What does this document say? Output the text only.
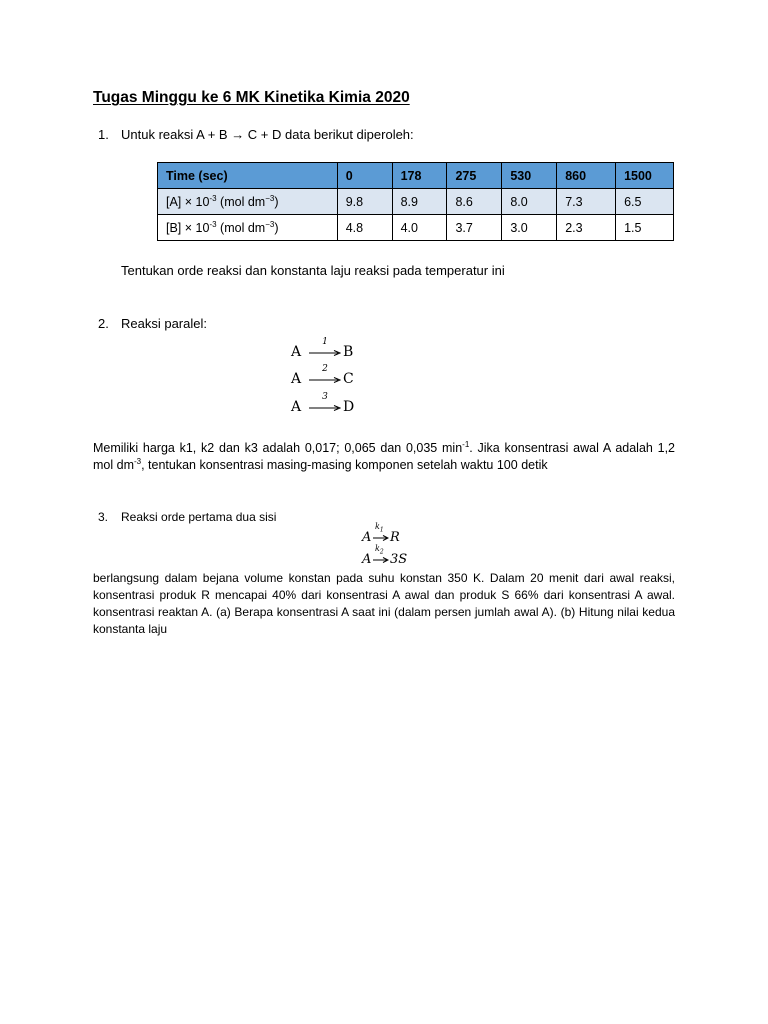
Tugas Minggu ke 6 MK Kinetika Kimia 2020
1. Untuk reaksi A + B → C + D data berikut diperoleh:
Time (sec)	0	178	275	530	860	1500
$[A] \times 10^{-3}$ (mol $dm^{-3}$)	9.8	8.9	8.6	8.0	7.3	6.5
$[B] \times 10^{-3}$ (mol $dm^{-3}$)	4.8	4.0	3.7	3.0	2.3	1.5
Tentukan orde reaksi dan konstanta laju reaksi pada temperatur ini
2. Reaksi paralel:
A
1
B
A
2
C
A
3
D
Memiliki harga k1, k2 dan k3 adalah 0,017; 0,065 dan 0,035 $\min^{-1}$. Jika konsentrasi awal A adalah 1,2 mol $dm^{-3}$, tentukan konsentrasi masing-masing komponen setelah waktu 100 detik
3. Reaksi orde pertama dua sisi
A
$k_1$ R
A
$k_2$ 3S
berlangsung dalam bejana volume konstan pada suhu konstan 350 K. Dalam 20 menit dari awal reaksi, konsentrasi produk R mencapai 40% dari konsentrasi A awal dan produk S 66% dari konsentrasi A awal. konsentrasi reaktan A. (a) Berapa konsentrasi A saat ini (dalam persen jumlah awal A). (b) Hitung nilai kedua konstanta laju
